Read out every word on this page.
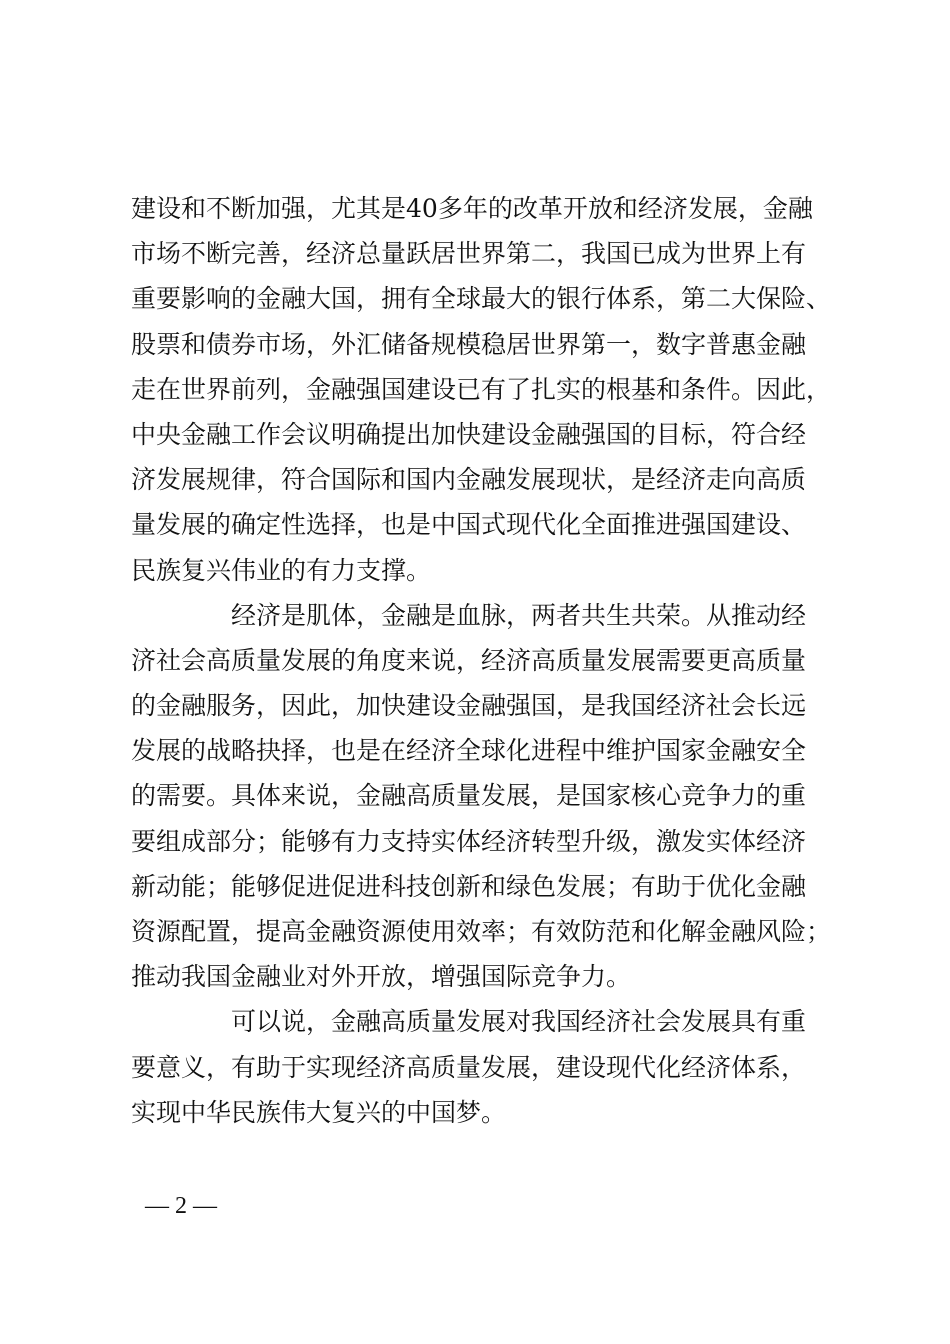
建设和不断加强，尤其是40多年的改革开放和经济发展，金融
市场不断完善，经济总量跃居世界第二，我国已成为世界上有
重要影响的金融大国，拥有全球最大的银行体系，第二大保险、
股票和债券市场，外汇储备规模稳居世界第一，数字普惠金融
走在世界前列，金融强国建设已有了扎实的根基和条件。因此，
中央金融工作会议明确提出加快建设金融强国的目标，符合经
济发展规律，符合国际和国内金融发展现状，是经济走向高质
量发展的确定性选择，也是中国式现代化全面推进强国建设、
民族复兴伟业的有力支撑。

经济是肌体，金融是血脉，两者共生共荣。从推动经
济社会高质量发展的角度来说，经济高质量发展需要更高质量
的金融服务，因此，加快建设金融强国，是我国经济社会长远
发展的战略抉择，也是在经济全球化进程中维护国家金融安全
的需要。具体来说，金融高质量发展，是国家核心竞争力的重
要组成部分；能够有力支持实体经济转型升级，激发实体经济
新动能；能够促进促进科技创新和绿色发展；有助于优化金融
资源配置，提高金融资源使用效率；有效防范和化解金融风险；
推动我国金融业对外开放，增强国际竞争力。

可以说，金融高质量发展对我国经济社会发展具有重
要意义，有助于实现经济高质量发展，建设现代化经济体系，
实现中华民族伟大复兴的中国梦。

— 2 —
